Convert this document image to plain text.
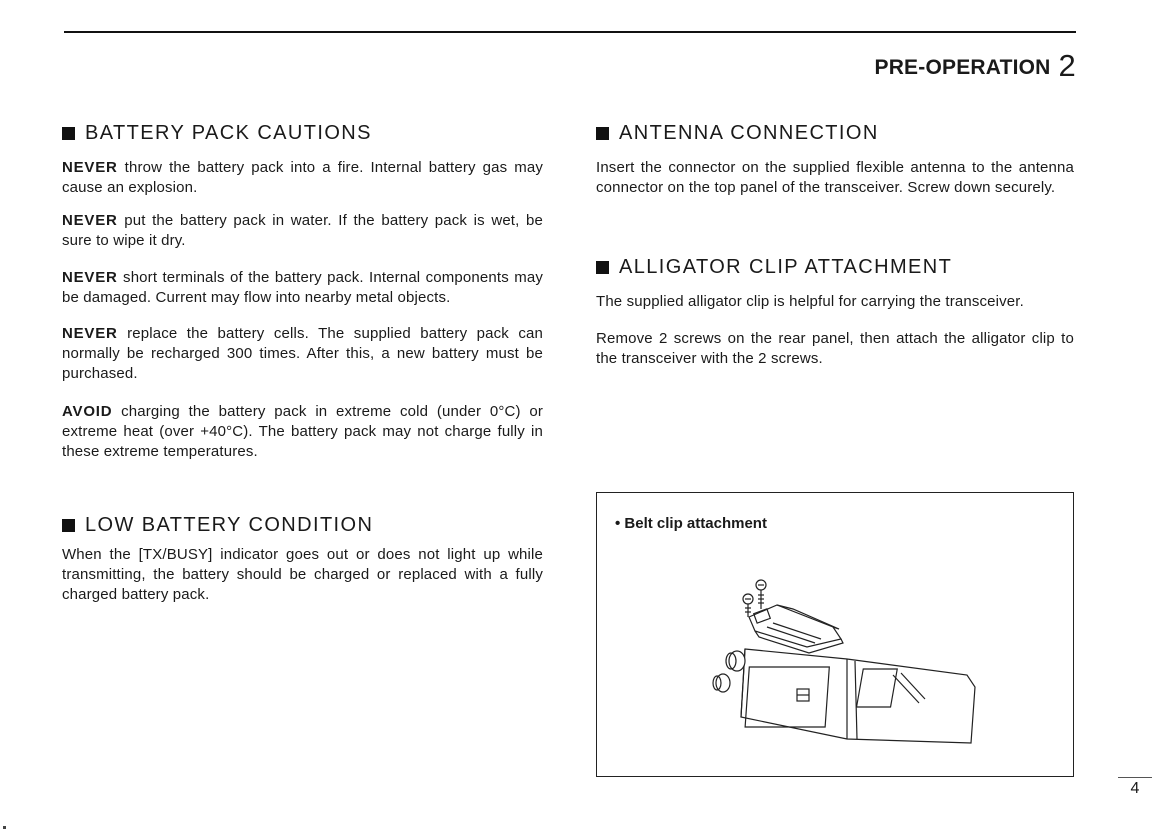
PRE-OPERATION 2
BATTERY PACK CAUTIONS

NEVER throw the battery pack into a fire. Internal battery gas may cause an explosion.

NEVER put the battery pack in water. If the battery pack is wet, be sure to wipe it dry.

NEVER short terminals of the battery pack. Internal components may be damaged. Current may flow into nearby metal objects.

NEVER replace the battery cells. The supplied battery pack can normally be recharged 300 times. After this, a new battery must be purchased.

AVOID charging the battery pack in extreme cold (under 0°C) or extreme heat (over +40°C). The battery pack may not charge fully in these extreme temperatures.

LOW BATTERY CONDITION

When the [TX/BUSY] indicator goes out or does not light up while transmitting, the battery should be charged or replaced with a fully charged battery pack.

ANTENNA CONNECTION

Insert the connector on the supplied flexible antenna to the antenna connector on the top panel of the transceiver. Screw down securely.

ALLIGATOR CLIP ATTACHMENT

The supplied alligator clip is helpful for carrying the transceiver.

Remove 2 screws on the rear panel, then attach the alligator clip to the transceiver with the 2 screws.

• Belt clip attachment
4
